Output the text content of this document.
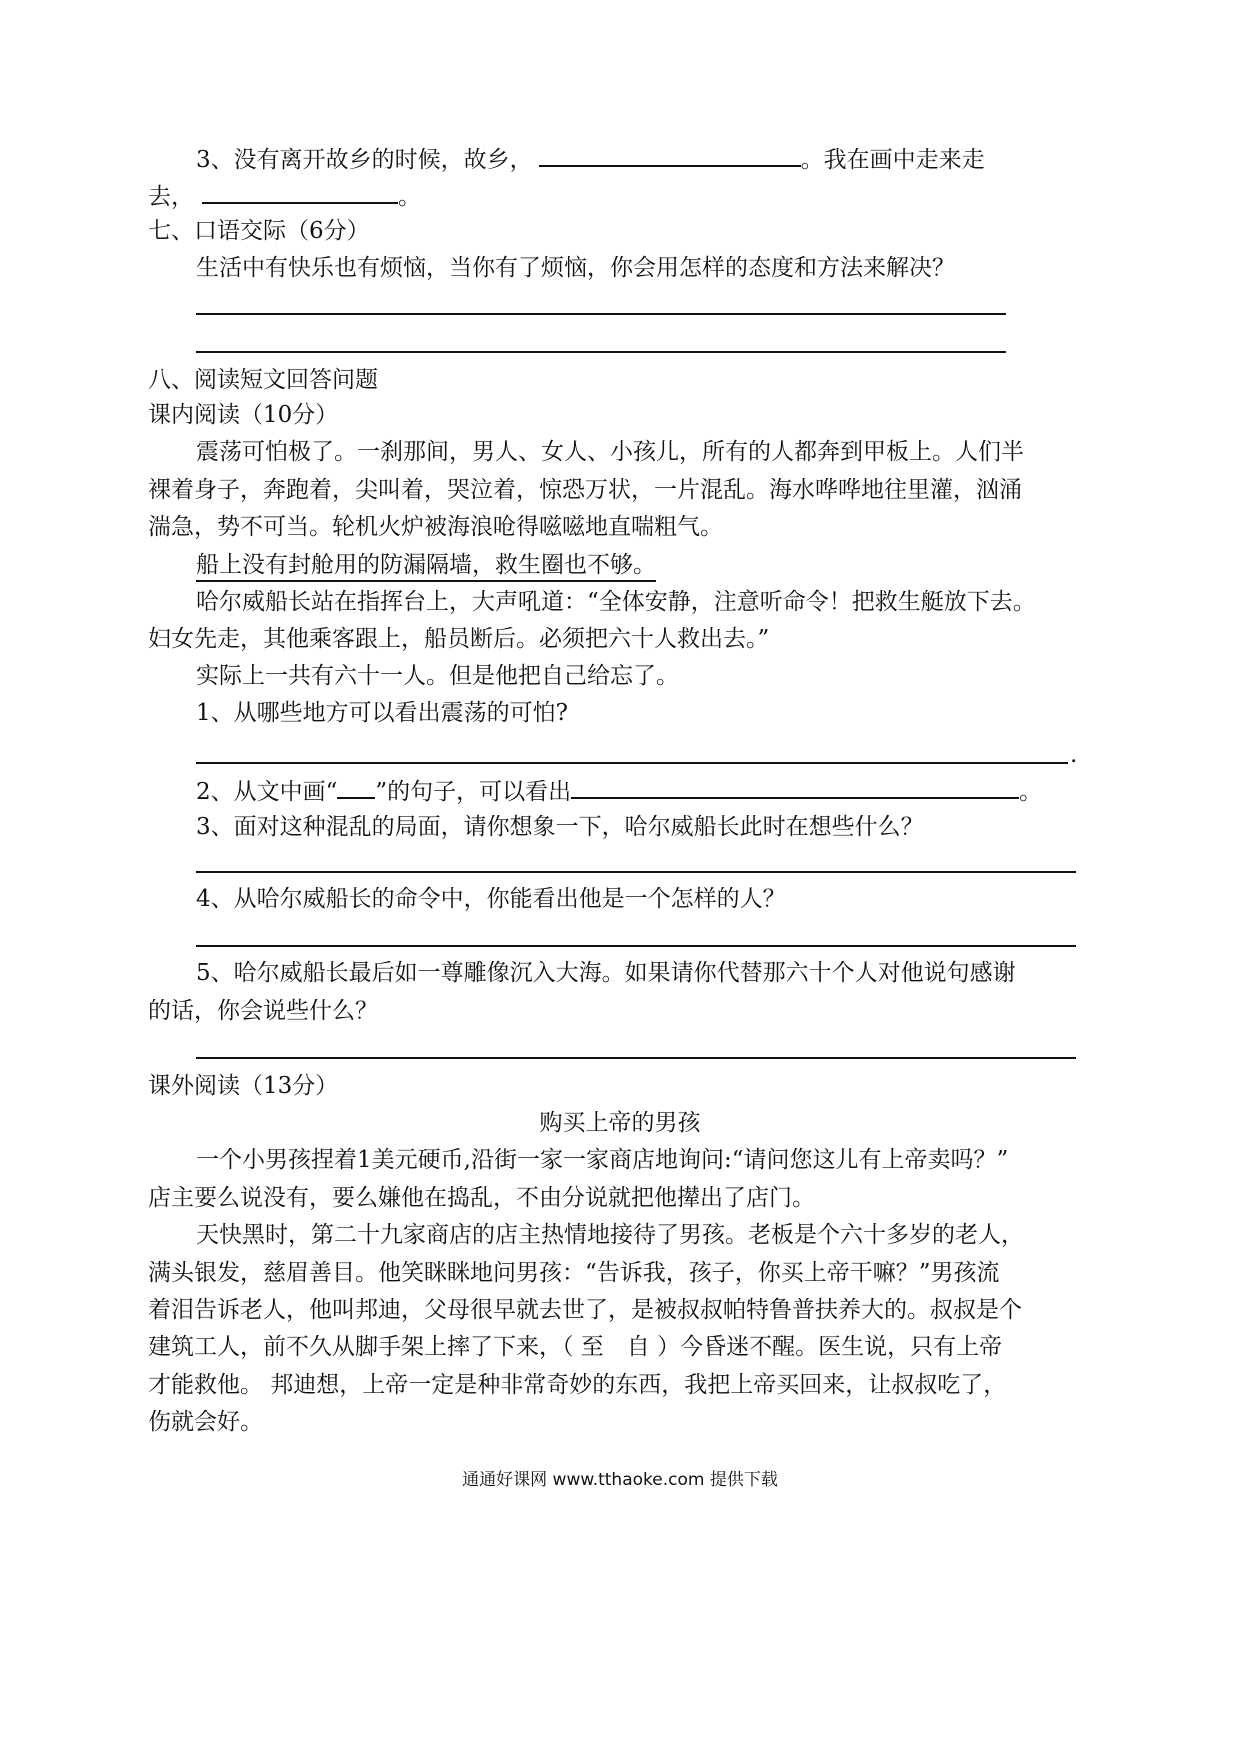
3、没有离开故乡的时候，故乡，	。我在画中走来走
去，	。
七、口语交际（6分）
生活中有快乐也有烦恼，当你有了烦恼，你会用怎样的态度和方法来解决？
八、阅读短文回答问题
课内阅读（10分）
震荡可怕极了。一刹那间，男人、女人、小孩儿，所有的人都奔到甲板上。人们半
裸着身子，奔跑着，尖叫着，哭泣着，惊恐万状，一片混乱。海水哗哗地往里灌，汹涌
湍急，势不可当。轮机火炉被海浪呛得嗞嗞地直喘粗气。
船上没有封舱用的防漏隔墙，救生圈也不够。
哈尔威船长站在指挥台上，大声吼道：“全体安静，注意听命令！把救生艇放下去。
妇女先走，其他乘客跟上，船员断后。必须把六十人救出去。”
实际上一共有六十一人。但是他把自己给忘了。
1、从哪些地方可以看出震荡的可怕?
.
2、从文中画“ ”的句子，可以看出	。
3、面对这种混乱的局面，请你想象一下，哈尔威船长此时在想些什么？
4、从哈尔威船长的命令中，你能看出他是一个怎样的人？
5、哈尔威船长最后如一尊雕像沉入大海。如果请你代替那六十个人对他说句感谢
的话，你会说些什么？
课外阅读（13分）
购买上帝的男孩
一个小男孩捏着1美元硬币,沿街一家一家商店地询问:“请问您这儿有上帝卖吗？”
店主要么说没有，要么嫌他在捣乱，不由分说就把他撵出了店门。
天快黑时，第二十九家商店的店主热情地接待了男孩。老板是个六十多岁的老人，
满头银发，慈眉善目。他笑眯眯地问男孩：“告诉我，孩子，你买上帝干嘛？”男孩流
着泪告诉老人，他叫邦迪，父母很早就去世了，是被叔叔帕特鲁普扶养大的。叔叔是个
建筑工人，前不久从脚手架上摔了下来，（ 至　自 ）今昏迷不醒。医生说，只有上帝
才能救他。 邦迪想，上帝一定是种非常奇妙的东西，我把上帝买回来，让叔叔吃了，
伤就会好。
通通好课网 www.tthaoke.com 提供下载
